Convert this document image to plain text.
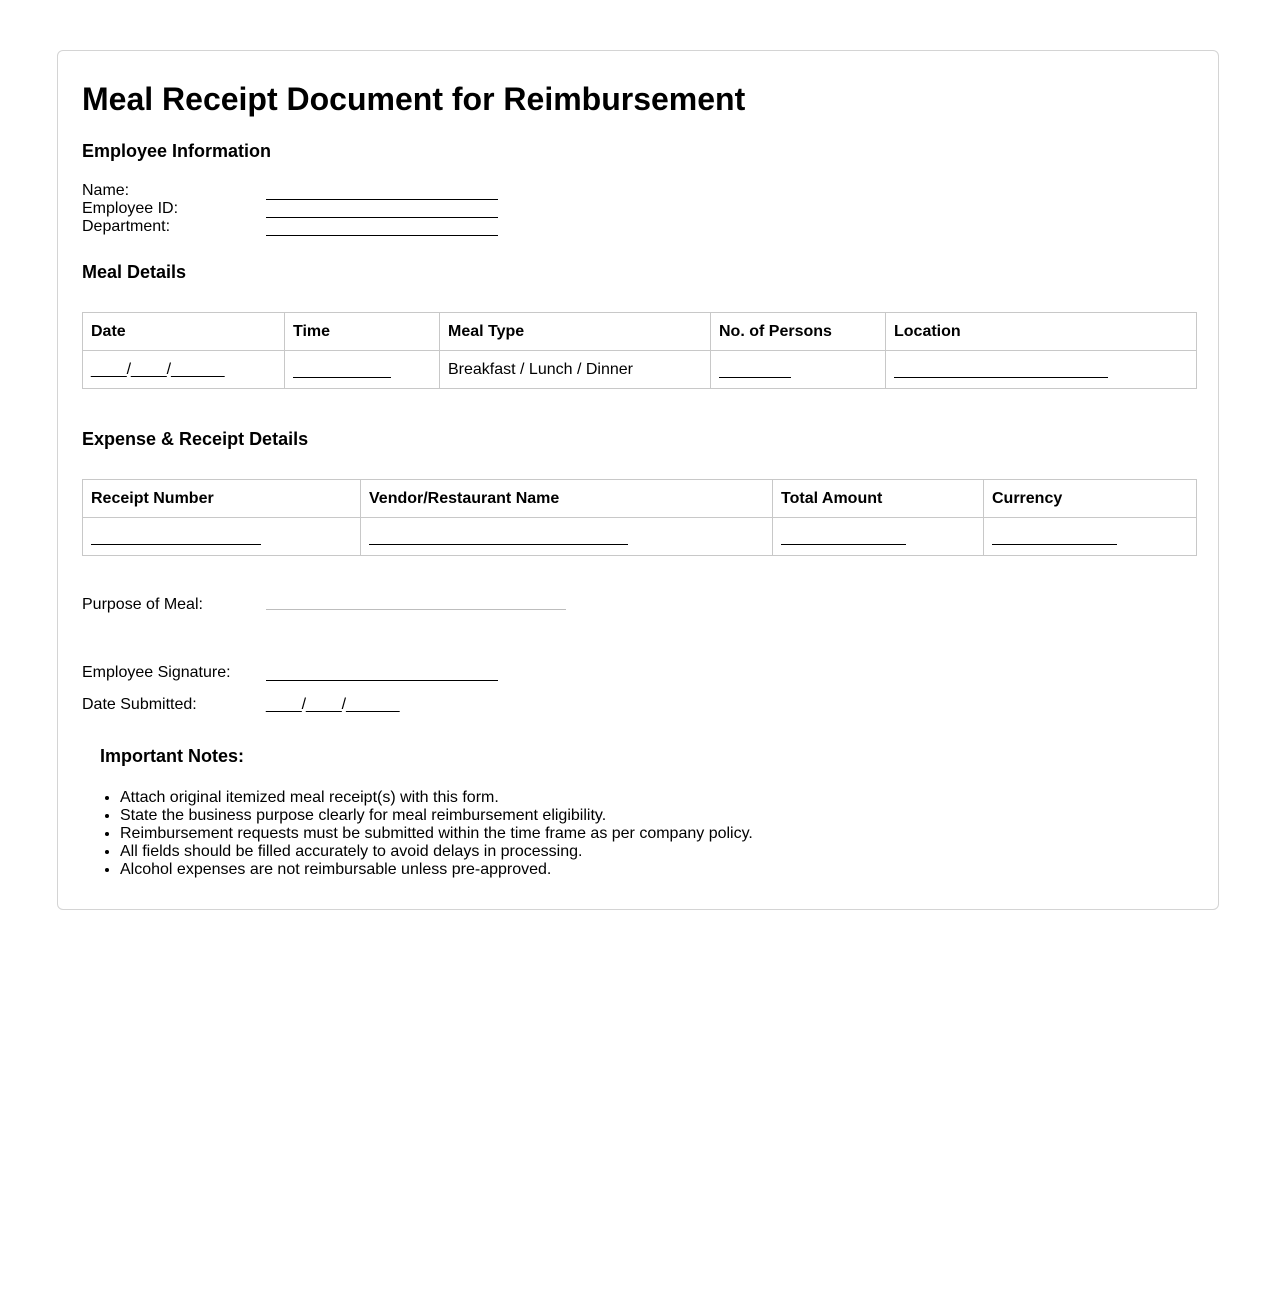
Meal Receipt Document for Reimbursement
Employee Information
Name:
Employee ID:
Department:
Meal Details
Date	Time	Meal Type	No. of Persons	Location
____/____/______		Breakfast / Lunch / Dinner		
Expense & Receipt Details
Receipt Number	Vendor/Restaurant Name	Total Amount	Currency

Purpose of Meal:
Employee Signature:
Date Submitted:	____/____/______
Important Notes:
• Attach original itemized meal receipt(s) with this form.
• State the business purpose clearly for meal reimbursement eligibility.
• Reimbursement requests must be submitted within the time frame as per company policy.
• All fields should be filled accurately to avoid delays in processing.
• Alcohol expenses are not reimbursable unless pre-approved.
